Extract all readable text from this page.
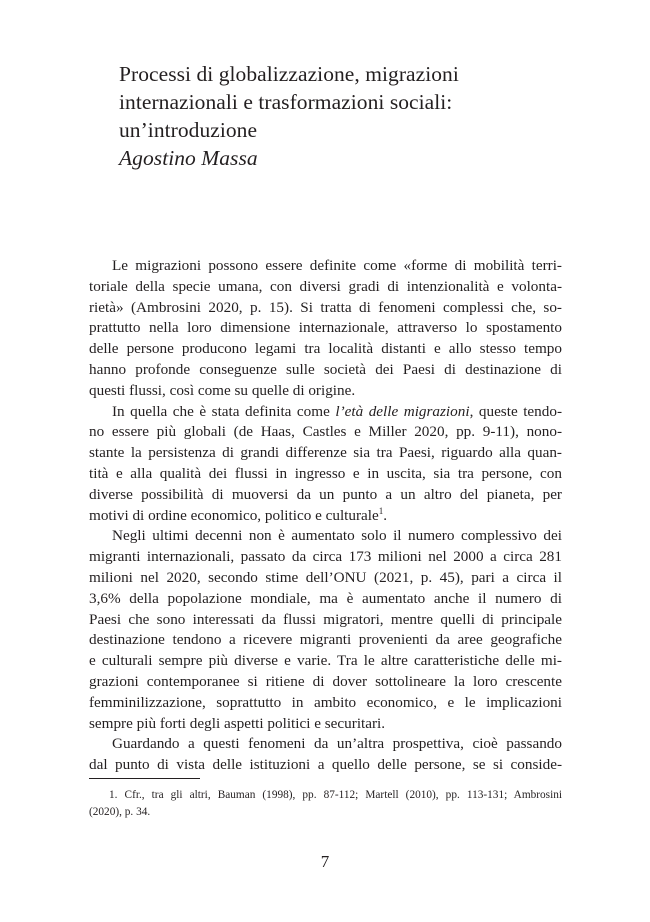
Processi di globalizzazione, migrazioni
internazionali e trasformazioni sociali:
un’introduzione
Agostino Massa

Le migrazioni possono essere definite come «forme di mobilità terri-
toriale della specie umana, con diversi gradi di intenzionalità e volonta-
rietà» (Ambrosini 2020, p. 15). Si tratta di fenomeni complessi che, so-
prattutto nella loro dimensione internazionale, attraverso lo spostamento
delle persone producono legami tra località distanti e allo stesso tempo
hanno profonde conseguenze sulle società dei Paesi di destinazione di
questi flussi, così come su quelle di origine.

In quella che è stata definita come l’età delle migrazioni, queste tendo-
no essere più globali (de Haas, Castles e Miller 2020, pp. 9-11), nono-
stante la persistenza di grandi differenze sia tra Paesi, riguardo alla quan-
tità e alla qualità dei flussi in ingresso e in uscita, sia tra persone, con
diverse possibilità di muoversi da un punto a un altro del pianeta, per
motivi di ordine economico, politico e culturale$^1$.

Negli ultimi decenni non è aumentato solo il numero complessivo dei
migranti internazionali, passato da circa 173 milioni nel 2000 a circa 281
milioni nel 2020, secondo stime dell’ONU (2021, p. 45), pari a circa il
3,6% della popolazione mondiale, ma è aumentato anche il numero di
Paesi che sono interessati da flussi migratori, mentre quelli di principale
destinazione tendono a ricevere migranti provenienti da aree geografiche
e culturali sempre più diverse e varie. Tra le altre caratteristiche delle mi-
grazioni contemporanee si ritiene di dover sottolineare la loro crescente
femminilizzazione, soprattutto in ambito economico, e le implicazioni
sempre più forti degli aspetti politici e securitari.

Guardando a questi fenomeni da un’altra prospettiva, cioè passando
dal punto di vista delle istituzioni a quello delle persone, se si conside-

1. Cfr., tra gli altri, Bauman (1998), pp. 87-112; Martell (2010), pp. 113-131; Ambrosini
(2020), p. 34.
7
